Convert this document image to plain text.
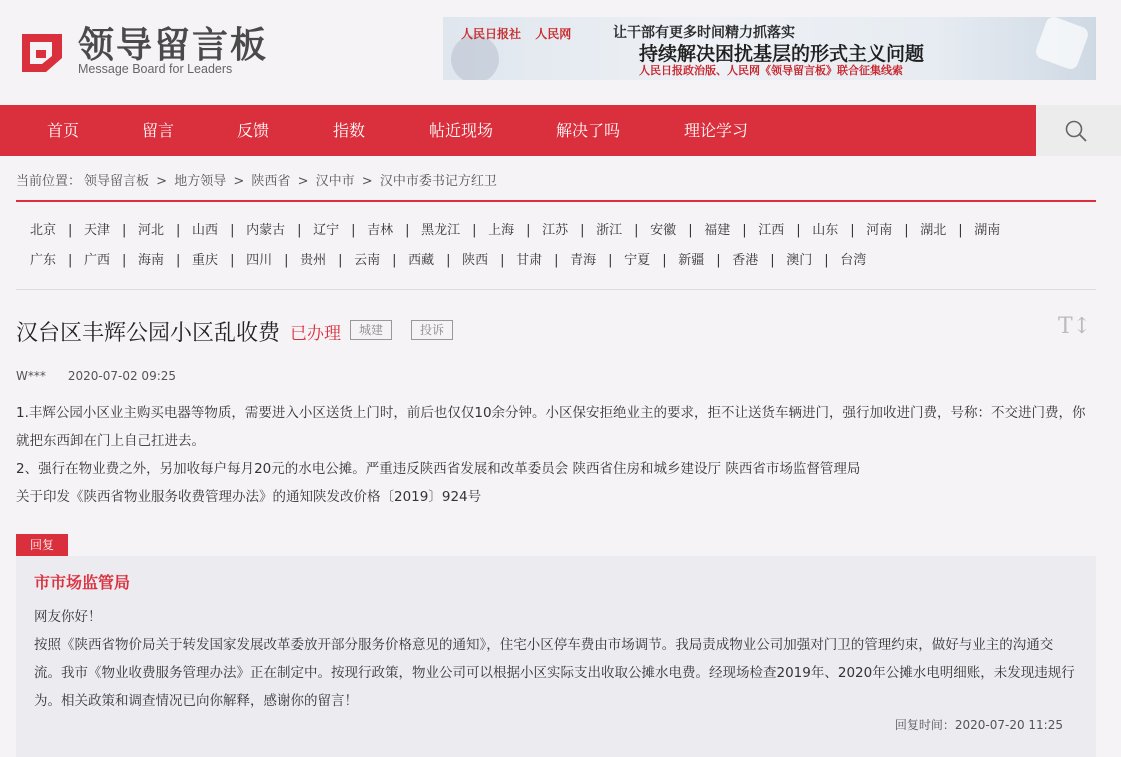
领导留言板
Message Board for Leaders
人民日报社 人民网	让干部有更多时间精力抓落实
持续解决困扰基层的形式主义问题
人民日报政治版、人民网《领导留言板》联合征集线索
首页	留言	反馈	指数	帖近现场	解决了吗	理论学习
当前位置： 领导留言板 > 地方领导 > 陕西省 > 汉中市 > 汉中市委书记方红卫
北京 | 天津 | 河北 | 山西 | 内蒙古 | 辽宁 | 吉林 | 黑龙江 | 上海 | 江苏 | 浙江 | 安徽 | 福建 | 江西 | 山东 | 河南 | 湖北 | 湖南
广东 | 广西 | 海南 | 重庆 | 四川 | 贵州 | 云南 | 西藏 | 陕西 | 甘肃 | 青海 | 宁夏 | 新疆 | 香港 | 澳门 | 台湾
汉台区丰辉公园小区乱收费 已办理	城建	投诉	T↕
W*** 2020-07-02 09:25
1.丰辉公园小区业主购买电器等物质，需要进入小区送货上门时，前后也仅仅10余分钟。小区保安拒绝业主的要求，拒不让送货车辆进门，强行加收进门费，号称：不交进门费，你就把东西卸在门上自己扛进去。
2、强行在物业费之外，另加收每户每月20元的水电公摊。严重违反陕西省发展和改革委员会 陕西省住房和城乡建设厅 陕西省市场监督管理局
关于印发《陕西省物业服务收费管理办法》的通知陕发改价格〔2019〕924号
回复
市市场监管局
网友你好！
按照《陕西省物价局关于转发国家发展改革委放开部分服务价格意见的通知》，住宅小区停车费由市场调节。我局责成物业公司加强对门卫的管理约束，做好与业主的沟通交流。我市《物业收费服务管理办法》正在制定中。按现行政策，物业公司可以根据小区实际支出收取公摊水电费。经现场检查2019年、2020年公摊水电明细账，未发现违规行为。相关政策和调查情况已向你解释，感谢你的留言！
回复时间：2020-07-20 11:25
